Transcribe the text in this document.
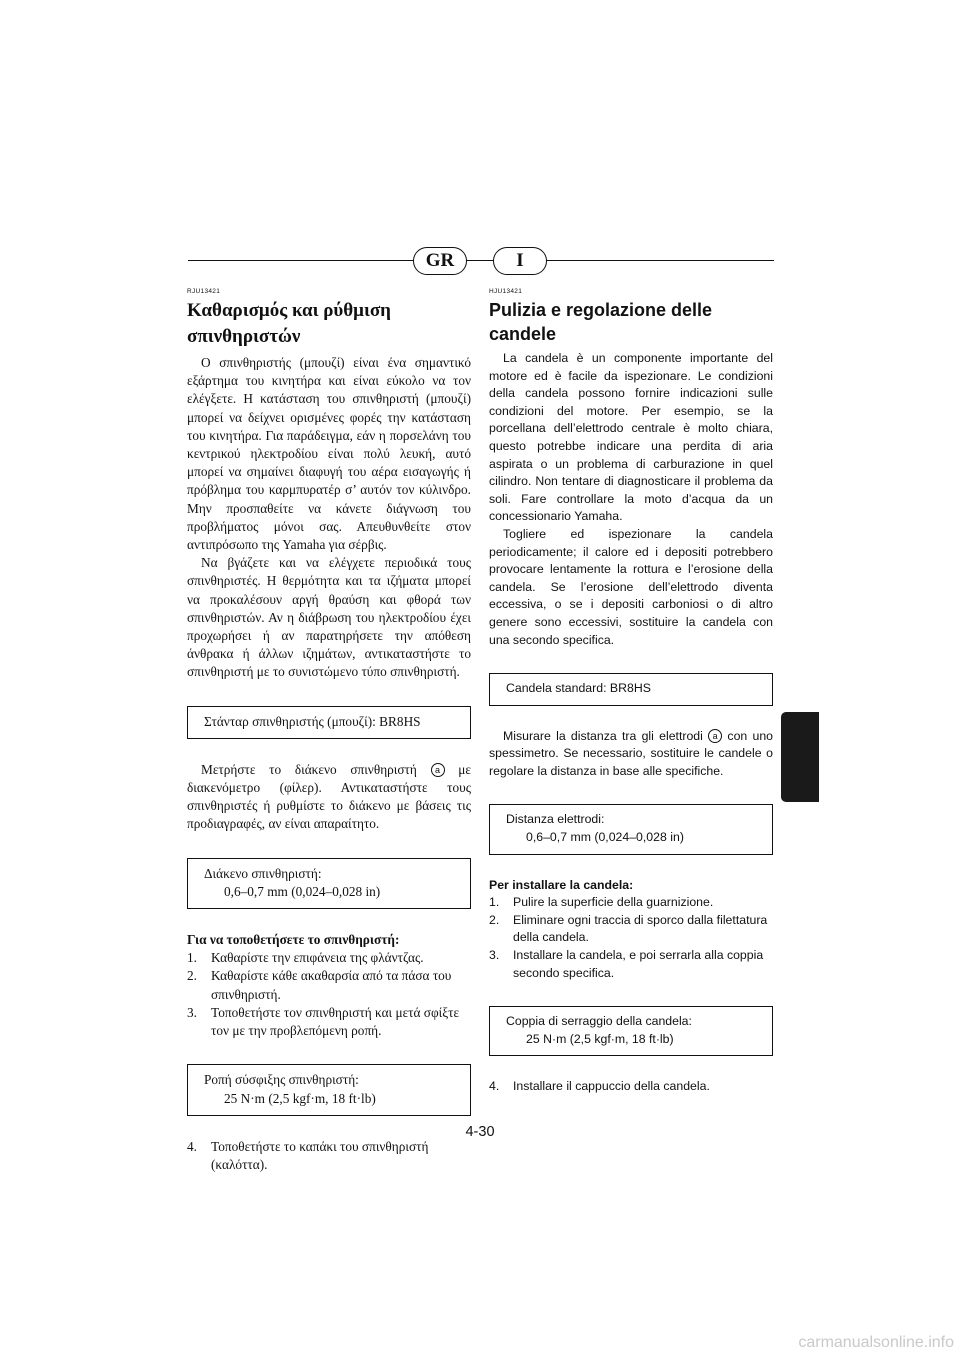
GR	I
RJU13421
Καθαρισμός και ρύθμιση
σπινθηριστών

Ο σπινθηριστής (μπουζί) είναι ένα σημαντικό εξάρτημα του κινητήρα και είναι εύκολο να τον ελέγξετε. Η κατάσταση του σπινθηριστή (μπουζί) μπορεί να δείχνει ορισμένες φορές την κατάσταση του κινητήρα. Για παράδειγμα, εάν η πορσελάνη του κεντρικού ηλεκτροδίου είναι πολύ λευκή, αυτό μπορεί να σημαίνει διαφυγή του αέρα εισαγωγής ή πρόβλημα του καρμπυρατέρ σ’ αυτόν τον κύλινδρο. Μην προσπαθείτε να κάνετε διάγνωση του προβλήματος μόνοι σας. Απευθυνθείτε στον αντιπρόσωπο της Yamaha για σέρβις.

Να βγάζετε και να ελέγχετε περιοδικά τους σπινθηριστές. Η θερμότητα και τα ιζήματα μπορεί να προκαλέσουν αργή θραύση και φθορά των σπινθηριστών. Αν η διάβρωση του ηλεκτροδίου έχει προχωρήσει ή αν παρατηρήσετε την απόθεση άνθρακα ή άλλων ιζημάτων, αντικαταστήστε το σπινθηριστή με το συνιστώμενο τύπο σπινθηριστή.

Στάνταρ σπινθηριστής (μπουζί): BR8HS

Μετρήστε το διάκενο σπινθηριστή a με διακενόμετρο (φίλερ). Αντικαταστήστε τους σπινθηριστές ή ρυθμίστε το διάκενο με βάσεις τις προδιαγραφές, αν είναι απαραίτητο.

Διάκενο σπινθηριστή:
0,6–0,7 mm (0,024–0,028 in)
Για να τοποθετήσετε το σπινθηριστή:
1. Καθαρίστε την επιφάνεια της φλάντζας.
2. Καθαρίστε κάθε ακαθαρσία από τα πάσα του σπινθηριστή.
3. Τοποθετήστε τον σπινθηριστή και μετά σφίξτε τον με την προβλεπόμενη ροπή.
Ροπή σύσφιξης σπινθηριστή:
25 N·m (2,5 kgf·m, 18 ft·lb)
4. Τοποθετήστε το καπάκι του σπινθηριστή (καλόττα).
HJU13421
Pulizia e regolazione delle
candele

La candela è un componente importante del motore ed è facile da ispezionare. Le condizioni della candela possono fornire indicazioni sulle condizioni del motore. Per esempio, se la porcellana dell’elettrodo centrale è molto chiara, questo potrebbe indicare una perdita di aria aspirata o un problema di carburazione in quel cilindro. Non tentare di diagnosticare il problema da soli. Fare controllare la moto d’acqua da un concessionario Yamaha.

Togliere ed ispezionare la candela periodicamente; il calore ed i depositi potrebbero provocare lentamente la rottura e l’erosione della candela. Se l’erosione dell’elettrodo diventa eccessiva, o se i depositi carboniosi o di altro genere sono eccessivi, sostituire la candela con una secondo specifica.

Candela standard: BR8HS

Misurare la distanza tra gli elettrodi a con uno spessimetro. Se necessario, sostituire le candele o regolare la distanza in base alle specifiche.

Distanza elettrodi:
0,6–0,7 mm (0,024–0,028 in)
Per installare la candela:
1. Pulire la superficie della guarnizione.
2. Eliminare ogni traccia di sporco dalla filettatura della candela.
3. Installare la candela, e poi serrarla alla coppia secondo specifica.
Coppia di serraggio della candela:
25 N·m (2,5 kgf·m, 18 ft·lb)
4. Installare il cappuccio della candela.
4-30
carmanualsonline.info
